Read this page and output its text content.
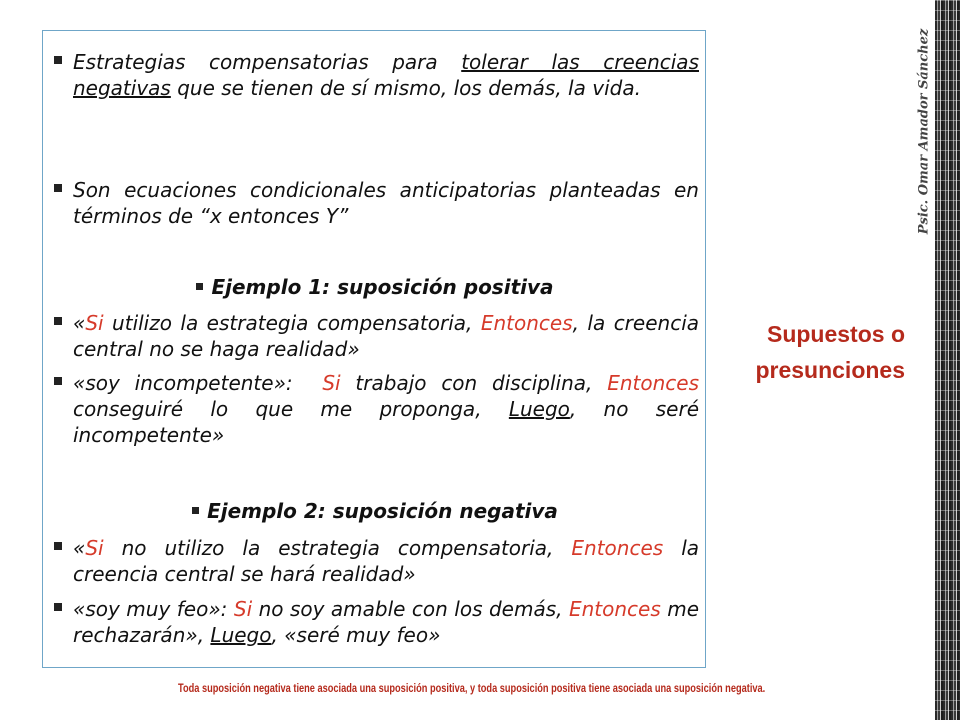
Estrategias compensatorias para tolerar las creencias negativas que se tienen de sí mismo, los demás, la vida.
Son ecuaciones condicionales anticipatorias planteadas en términos de “x entonces Y”
Ejemplo 1: suposición positiva
«Si utilizo la estrategia compensatoria, Entonces, la creencia central no se haga realidad»
«soy incompetente»:  Si trabajo con disciplina, Entonces conseguiré lo que me proponga, Luego, no seré incompetente»
Ejemplo 2: suposición negativa
«Si no utilizo la estrategia compensatoria, Entonces la creencia central se hará realidad»
«soy muy feo»: Si no soy amable con los demás, Entonces me rechazarán», Luego, «seré muy feo»
Supuestos o
presunciones
Psic. Omar Amador Sánchez
Toda suposición negativa tiene asociada una suposición positiva, y toda suposición positiva tiene asociada una suposición negativa.
